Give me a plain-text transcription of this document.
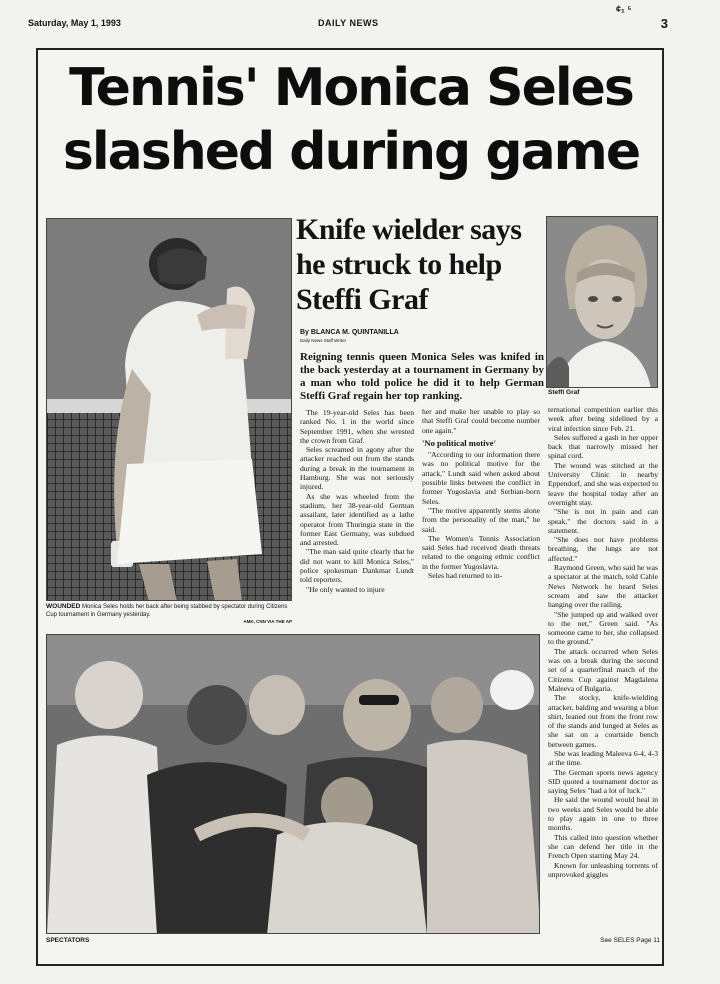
Saturday, May 1, 1993	DAILY NEWS
¢₁ ⁵
3
Tennis' Monica Seles slashed during game
WOUNDED Monica Seles holds her back after being stabbed by spectator during Citizens Cup tournament in Germany yesterday.
AMK, CNN VIA THE AP
Knife wielder says he struck to help Steffi Graf
By BLANCA M. QUINTANILLA
Daily News Staff Writer
Reigning tennis queen Monica Seles was knifed in the back yesterday at a tournament in Germany by a man who told police he did it to help German Steffi Graf regain her top ranking.

The 19-year-old Seles has been ranked No. 1 in the world since September 1991, when she wrested the crown from Graf.

Seles screamed in agony after the attacker reached out from the stands during a break in the tournament in Hamburg. She was not seriously injured.

As she was wheeled from the stadium, her 38-year-old German assailant, later identified as a lathe operator from Thuringia state in the former East Germany, was subdued and arrested.

"The man said quite clearly that he did not want to kill Monica Seles," police spokesman Dankmar Lundt told reporters.

"He only wanted to injure

her and make her unable to play so that Steffi Graf could become number one again."

'No political motive'

"According to our information there was no political motive for the attack," Lundt said when asked about possible links between the conflict in former Yugoslavia and Serbian-born Seles.

"The motive apparently stems alone from the personality of the man," he said.

The Women's Tennis Association said Seles had received death threats related to the ongoing ethnic conflict in the former Yugoslavia.

Seles had returned to in-

Steffi Graf

ternational competition earlier this week after being sidelined by a viral infection since Feb. 21.

Seles suffered a gash in her upper back that narrowly missed her spinal cord.

The wound was stitched at the University Clinic in nearby Eppendorf, and she was expected to leave the hospital today after an overnight stay.

"She is not in pain and can speak," the doctors said in a statement.

"She does not have problems breathing, the lungs are not affected."

Raymond Green, who said he was a spectator at the match, told Cable News Network he heard Seles scream and saw the attacker hanging over the railing.

"She jumped up and walked over to the net," Green said. "As someone came to her, she collapsed to the ground."

The attack occurred when Seles was on a break during the second set of a quarterfinal match of the Citizens Cup against Magdalena Maleeva of Bulgaria.

The stocky, knife-wielding attacker, balding and wearing a blue shirt, leaned out from the front row of the stands and lunged at Seles as she sat on a courtside bench between games.

She was leading Maleeva 6-4, 4-3 at the time.

The German sports news agency SID quoted a tournament doctor as saying Seles "had a lot of luck."

He said the wound would heal in two weeks and Seles would be able to play again in one to three months.

This called into question whether she can defend her title in the French Open starting May 24.

Known for unleashing torrents of unprovoked giggles

SPECTATORS	See SELES Page 11
